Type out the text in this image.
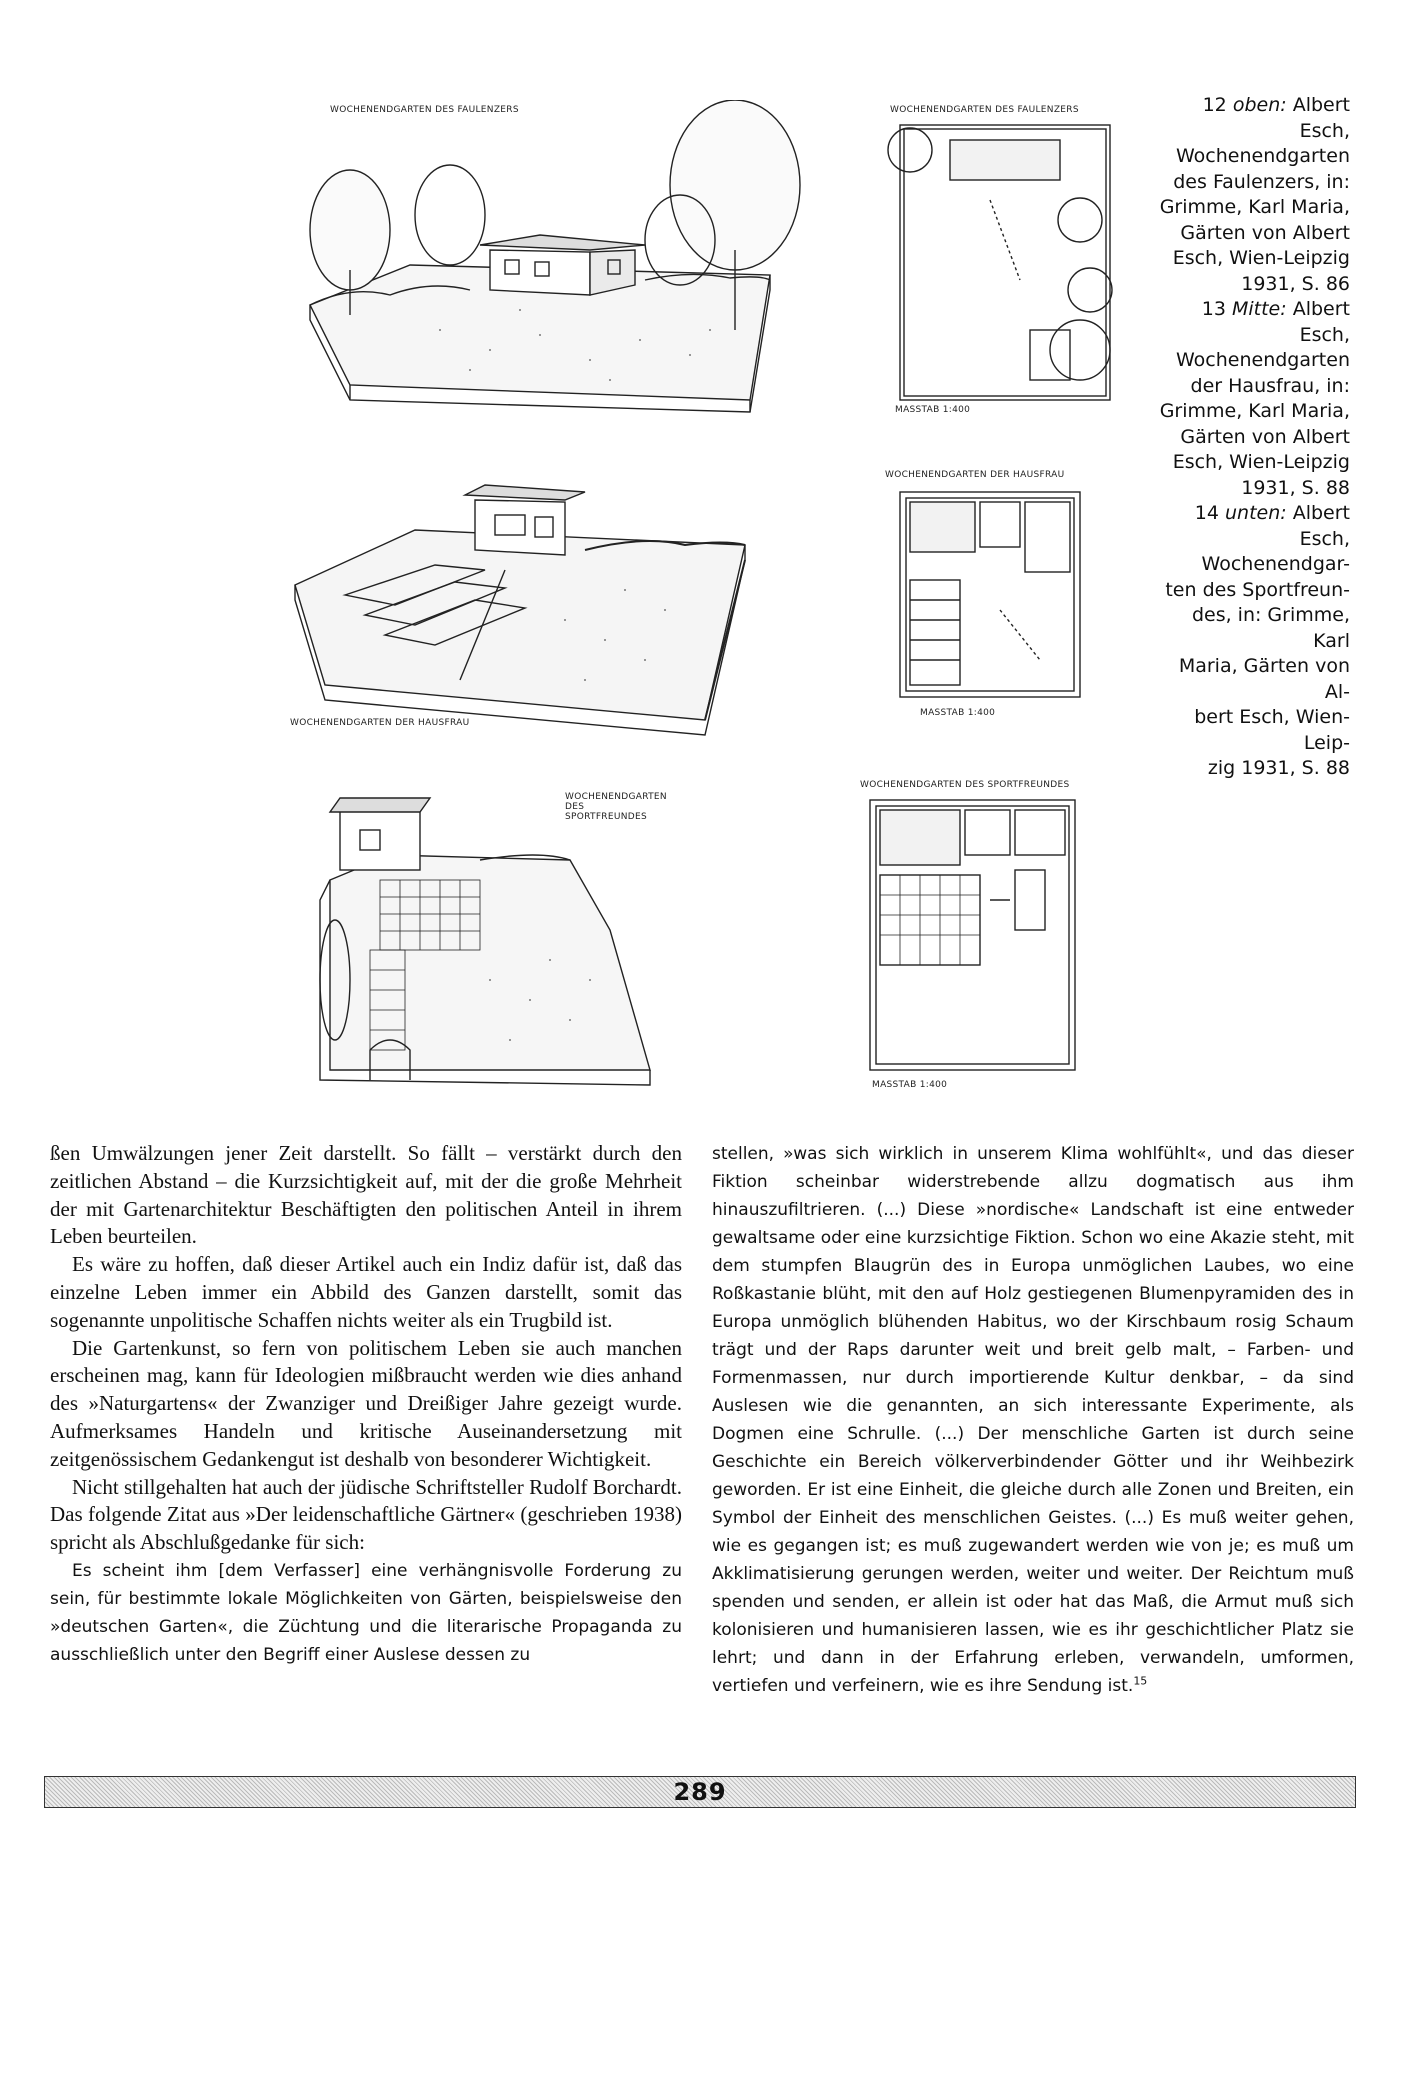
WOCHENENDGARTEN DES FAULENZERS
WOCHENENDGARTEN DER HAUSFRAU
WOCHENENDGARTEN DES FAULENZERS
MASSTAB 1:400
WOCHENENDGARTEN DER HAUSFRAU
MASSTAB 1:400
WOCHENENDGARTEN DES SPORTFREUNDES
WOCHENENDGARTEN DES SPORTFREUNDES
MASSTAB 1:400
12 oben: Albert Esch,
Wochenendgarten
des Faulenzers, in:
Grimme, Karl Maria,
Gärten von Albert
Esch, Wien-Leipzig
1931, S. 86
13 Mitte: Albert Esch,
Wochenendgarten
der Hausfrau, in:
Grimme, Karl Maria,
Gärten von Albert
Esch, Wien-Leipzig
1931, S. 88
14 unten: Albert
Esch, Wochenendgar-
ten des Sportfreun-
des, in: Grimme, Karl
Maria, Gärten von Al-
bert Esch, Wien-Leip-
zig 1931, S. 88

ßen Umwälzungen jener Zeit darstellt. So fällt – verstärkt durch den zeitlichen Abstand – die Kurzsichtigkeit auf, mit der die große Mehrheit der mit Gartenarchitektur Beschäftigten den politischen Anteil in ihrem Leben beurteilen.

Es wäre zu hoffen, daß dieser Artikel auch ein Indiz dafür ist, daß das einzelne Leben immer ein Abbild des Ganzen darstellt, somit das sogenannte unpolitische Schaffen nichts weiter als ein Trugbild ist.

Die Gartenkunst, so fern von politischem Leben sie auch manchen erscheinen mag, kann für Ideologien mißbraucht werden wie dies anhand des »Naturgartens« der Zwanziger und Dreißiger Jahre gezeigt wurde. Aufmerksames Handeln und kritische Auseinandersetzung mit zeitgenössischem Gedankengut ist deshalb von besonderer Wichtigkeit.

Nicht stillgehalten hat auch der jüdische Schriftsteller Rudolf Borchardt. Das folgende Zitat aus »Der leidenschaftliche Gärtner« (geschrieben 1938) spricht als Abschlußgedanke für sich:

Es scheint ihm [dem Verfasser] eine verhängnisvolle Forderung zu sein, für bestimmte lokale Möglichkeiten von Gärten, beispielsweise den »deutschen Garten«, die Züchtung und die literarische Propaganda zu ausschließlich unter den Begriff einer Auslese dessen zu

stellen, »was sich wirklich in unserem Klima wohlfühlt«, und das dieser Fiktion scheinbar widerstrebende allzu dogmatisch aus ihm hinauszufiltrieren. (...) Diese »nordische« Landschaft ist eine entweder gewaltsame oder eine kurzsichtige Fiktion. Schon wo eine Akazie steht, mit dem stumpfen Blaugrün des in Europa unmöglichen Laubes, wo eine Roßkastanie blüht, mit den auf Holz gestiegenen Blumenpyramiden des in Europa unmöglich blühenden Habitus, wo der Kirschbaum rosig Schaum trägt und der Raps darunter weit und breit gelb malt, – Farben- und Formenmassen, nur durch importierende Kultur denkbar, – da sind Auslesen wie die genannten, an sich interessante Experimente, als Dogmen eine Schrulle. (...) Der menschliche Garten ist durch seine Geschichte ein Bereich völkerverbindender Götter und ihr Weihbezirk geworden. Er ist eine Einheit, die gleiche durch alle Zonen und Breiten, ein Symbol der Einheit des menschlichen Geistes. (...) Es muß weiter gehen, wie es gegangen ist; es muß zugewandert werden wie von je; es muß um Akklimatisierung gerungen werden, weiter und weiter. Der Reichtum muß spenden und senden, er allein ist oder hat das Maß, die Armut muß sich kolonisieren und humanisieren lassen, wie es ihr geschichtlicher Platz sie lehrt; und dann in der Erfahrung erleben, verwandeln, umformen, vertiefen und verfeinern, wie es ihre Sendung ist.$^{15}$

289
